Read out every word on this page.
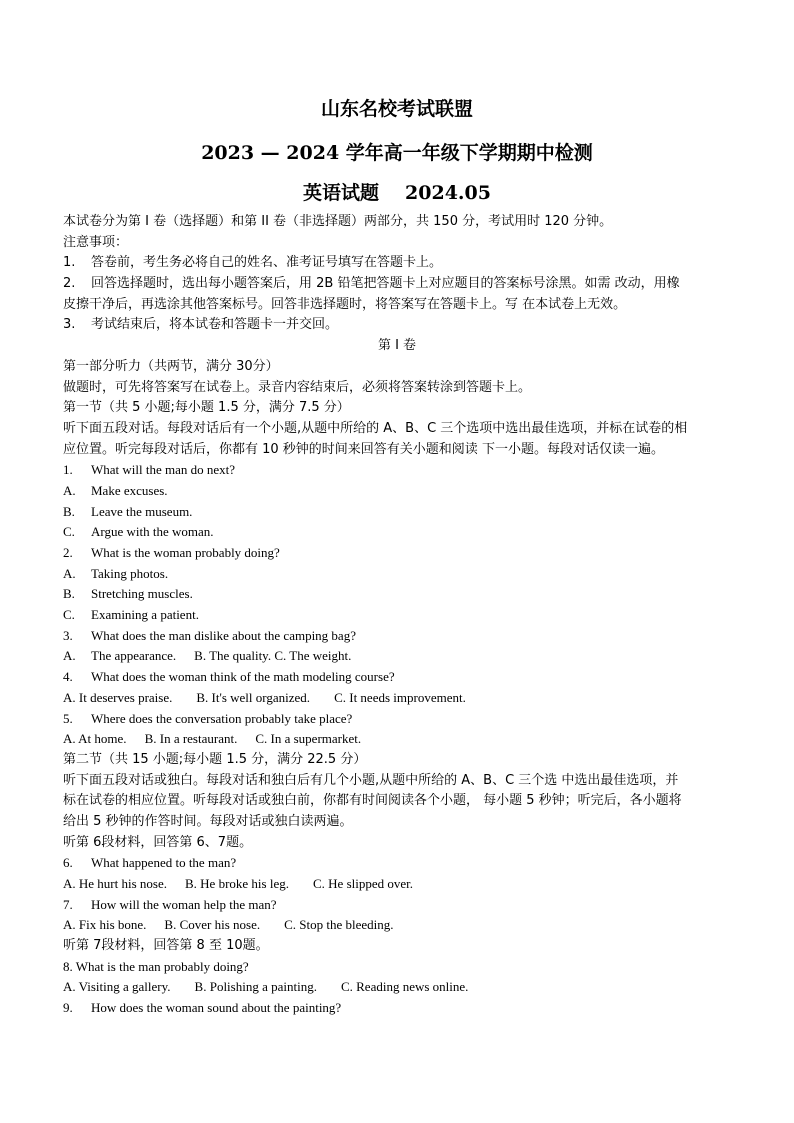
山东名校考试联盟
2023 — 2024 学年高一年级下学期期中检测
英语试题 2024.05
本试卷分为第 I 卷（选择题）和第 II 卷（非选择题）两部分，共 150 分，考试用时 120 分钟。
注意事项：
1. 答卷前，考生务必将自己的姓名、准考证号填写在答题卡上。
2. 回答选择题时，选出每小题答案后，用 2B 铅笔把答题卡上对应题目的答案标号涂黑。如需 改动，用橡
皮擦干净后，再选涂其他答案标号。回答非选择题时，将答案写在答题卡上。写 在本试卷上无效。
3. 考试结束后，将本试卷和答题卡一并交回。
第 I 卷
第一部分听力（共两节，满分 30分）
做题时，可先将答案写在试卷上。录音内容结束后，必须将答案转涂到答题卡上。
第一节（共 5 小题;每小题 1.5 分，满分 7.5 分）
听下面五段对话。每段对话后有一个小题,从题中所给的 A、B、C 三个选项中选出最佳选项，并标在试卷的相
应位置。听完每段对话后，你都有 10 秒钟的时间来回答有关小题和阅读 下一小题。每段对话仅读一遍。
1. What will the man do next?
A. Make excuses.
B. Leave the museum.
C. Argue with the woman.
2. What is the woman probably doing?
A. Taking photos.
B. Stretching muscles.
C. Examining a patient.
3. What does the man dislike about the camping bag?
A. The appearance. B. The quality. C. The weight.
4. What does the woman think of the math modeling course?
A. It deserves praise. B. It's well organized. C. It needs improvement.
5. Where does the conversation probably take place?
A. At home. B. In a restaurant. C. In a supermarket.
第二节（共 15 小题;每小题 1.5 分，满分 22.5 分）
听下面五段对话或独白。每段对话和独白后有几个小题,从题中所给的 A、B、C 三个选 中选出最佳选项，并
标在试卷的相应位置。听每段对话或独白前，你都有时间阅读各个小题， 每小题 5 秒钟；听完后，各小题将
给出 5 秒钟的作答时间。每段对话或独白读两遍。
听第 6段材料，回答第 6、7题。
6. What happened to the man?
A. He hurt his nose. B. He broke his leg. C. He slipped over.
7. How will the woman help the man?
A. Fix his bone. B. Cover his nose. C. Stop the bleeding.
听第 7段材料，回答第 8 至 10题。
8. What is the man probably doing?
A. Visiting a gallery. B. Polishing a painting. C. Reading news online.
9. How does the woman sound about the painting?
